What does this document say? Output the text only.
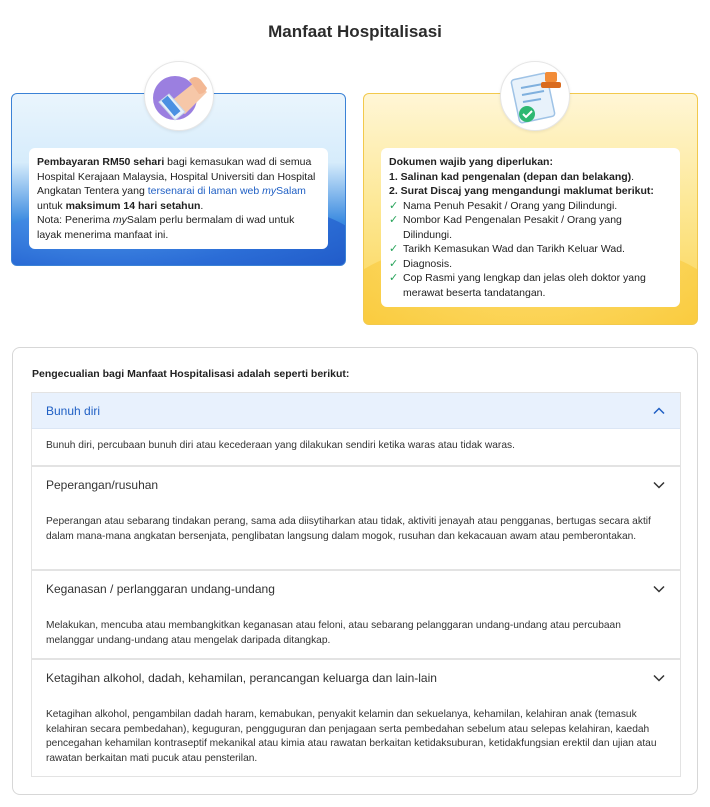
Manfaat Hospitalisasi
Pembayaran RM50 sehari bagi kemasukan wad di semua Hospital Kerajaan Malaysia, Hospital Universiti dan Hospital Angkatan Tentera yang tersenarai di laman web mySalam untuk maksimum 14 hari setahun.
Nota: Penerima mySalam perlu bermalam di wad untuk layak menerima manfaat ini.
Dokumen wajib yang diperlukan:
1. Salinan kad pengenalan (depan dan belakang).
2. Surat Discaj yang mengandungi maklumat berikut:
✓ Nama Penuh Pesakit / Orang yang Dilindungi.
✓ Nombor Kad Pengenalan Pesakit / Orang yang Dilindungi.
✓ Tarikh Kemasukan Wad dan Tarikh Keluar Wad.
✓ Diagnosis.
✓ Cop Rasmi yang lengkap dan jelas oleh doktor yang merawat beserta tandatangan.
Pengecualian bagi Manfaat Hospitalisasi adalah seperti berikut:
Bunuh diri
Bunuh diri, percubaan bunuh diri atau kecederaan yang dilakukan sendiri ketika waras atau tidak waras.
Peperangan/rusuhan
Peperangan atau sebarang tindakan perang, sama ada diisytiharkan atau tidak, aktiviti jenayah atau pengganas, bertugas secara aktif dalam mana-mana angkatan bersenjata, penglibatan langsung dalam mogok, rusuhan dan kekacauan awam atau pemberontakan.
Keganasan / perlanggaran undang-undang
Melakukan, mencuba atau membangkitkan keganasan atau feloni, atau sebarang pelanggaran undang-undang atau percubaan melanggar undang-undang atau mengelak daripada ditangkap.
Ketagihan alkohol, dadah, kehamilan, perancangan keluarga dan lain-lain
Ketagihan alkohol, pengambilan dadah haram, kemabukan, penyakit kelamin dan sekuelanya, kehamilan, kelahiran anak (temasuk kelahiran secara pembedahan), keguguran, pengguguran dan penjagaan serta pembedahan sebelum atau selepas kelahiran, kaedah pencegahan kehamilan kontraseptif mekanikal atau kimia atau rawatan berkaitan ketidaksuburan, ketidakfungsian erektil dan ujian atau rawatan berkaitan mati pucuk atau pensterilan.
